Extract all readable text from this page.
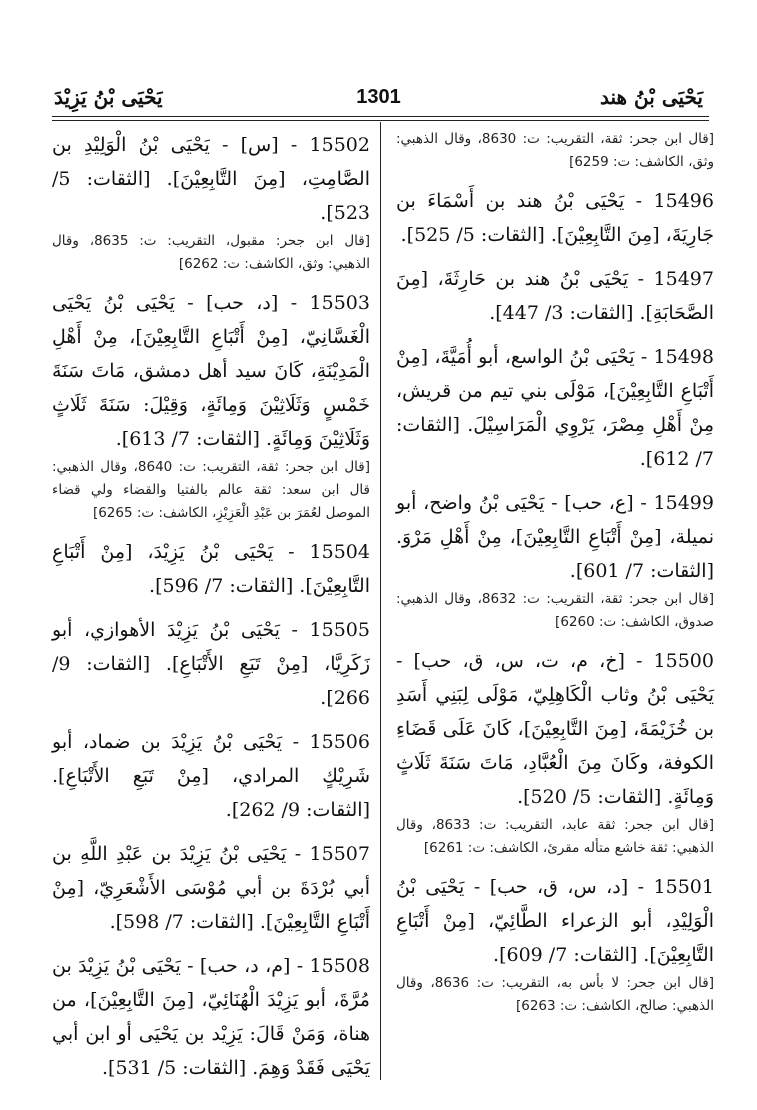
يَحْيَى بْنُ يَزِيْدَ	1301	يَحْيَى بْنُ هند

[قال ابن جحر: ثقة، التقريب: ت: 8630، وقال الذهبي: وثق، الكاشف: ت: 6259]

15496 - يَحْيَى بْنُ هند بن أَسْمَاءَ بن جَارِيَةَ، [مِنَ التَّابِعِيْنَ]. [الثقات: 5/ 525].

15497 - يَحْيَى بْنُ هند بن حَارِثَةَ، [مِنَ الصَّحَابَةِ]. [الثقات: 3/ 447].

15498 - يَحْيَى بْنُ الواسع، أبو أُمَيَّةَ، [مِنْ أَتْبَاعِ التَّابِعِيْنَ]، مَوْلَى بني تيم من قريش، مِنْ أَهْلِ مِصْرَ، يَرْوِي الْمَرَاسِيْلَ. [الثقات: 7/ 612].

15499 - [ع، حب] - يَحْيَى بْنُ واضح، أبو نميلة، [مِنْ أَتْبَاعِ التَّابِعِيْنَ]، مِنْ أَهْلِ مَرْوَ. [الثقات: 7/ 601].

[قال ابن جحر: ثقة، التقريب: ت: 8632، وقال الذهبي: صدوق، الكاشف: ت: 6260]

15500 - [خ، م، ت، س، ق، حب] - يَحْيَى بْنُ وثاب الْكَاهِلِيّ، مَوْلَى لِبَنِي أَسَدِ بن خُزَيْمَةَ، [مِنَ التَّابِعِيْنَ]، كَانَ عَلَى قَضَاءِ الكوفة، وكَانَ مِنَ الْعُبَّادِ، مَاتَ سَنَةَ ثَلَاثٍ وَمِائَةٍ. [الثقات: 5/ 520].

[قال ابن جحر: ثقة عابد، التقريب: ت: 8633، وقال الذهبي: ثقة خاشع متأله مقرئ، الكاشف: ت: 6261]

15501 - [د، س، ق، حب] - يَحْيَى بْنُ الْوَلِيْدِ، أبو الزعراء الطَّائِيّ، [مِنْ أَتْبَاعِ التَّابِعِيْنَ]. [الثقات: 7/ 609].

[قال ابن جحر: لا بأس به، التقريب: ت: 8636، وقال الذهبي: صالح، الكاشف: ت: 6263]

15502 - [س] - يَحْيَى بْنُ الْوَلِيْدِ بن الصَّامِتِ، [مِنَ التَّابِعِيْنَ]. [الثقات: 5/ 523].

[قال ابن جحر: مقبول، التقريب: ت: 8635، وقال الذهبي: وثق، الكاشف: ت: 6262]

15503 - [د، حب] - يَحْيَى بْنُ يَحْيَى الْغَسَّانِيّ، [مِنْ أَتْبَاعِ التَّابِعِيْنَ]، مِنْ أَهْلِ الْمَدِيْنَةِ، كَانَ سيد أهل دمشق، مَاتَ سَنَةَ خَمْسٍ وَثَلَاثِيْنَ وَمِائَةٍ، وَقِيْلَ: سَنَةَ ثَلَاثٍ وَثَلَاثِيْنَ وَمِائَةٍ. [الثقات: 7/ 613].

[قال ابن جحر: ثقة، التقريب: ت: 8640، وقال الذهبي: قال ابن سعد: ثقة عالم بالفتيا والقضاء ولي قضاء الموصل لعُمَرَ بن عَبْدِ الْعَزِيْزِ، الكاشف: ت: 6265]

15504 - يَحْيَى بْنُ يَزِيْدَ، [مِنْ أَتْبَاعِ التَّابِعِيْنَ]. [الثقات: 7/ 596].

15505 - يَحْيَى بْنُ يَزِيْدَ الأهوازي، أبو زَكَرِيَّا، [مِنْ تَبَعِ الأَتْبَاعِ]. [الثقات: 9/ 266].

15506 - يَحْيَى بْنُ يَزِيْدَ بن ضماد، أبو شَرِيْكٍ المرادي، [مِنْ تَبَعِ الأَتْبَاعِ]. [الثقات: 9/ 262].

15507 - يَحْيَى بْنُ يَزِيْدَ بن عَبْدِ اللَّهِ بن أبي بُرْدَةَ بن أبي مُوْسَى الأَشْعَرِيّ، [مِنْ أَتْبَاعِ التَّابِعِيْنَ]. [الثقات: 7/ 598].

15508 - [م، د، حب] - يَحْيَى بْنُ يَزِيْدَ بن مُرَّةَ، أبو يَزِيْدَ الْهُنَائِيّ، [مِنَ التَّابِعِيْنَ]، من هناة، وَمَنْ قَالَ: يَزِيْد بن يَحْيَى أو ابن أبي يَحْيَى فَقَدْ وَهِمَ. [الثقات: 5/ 531].
